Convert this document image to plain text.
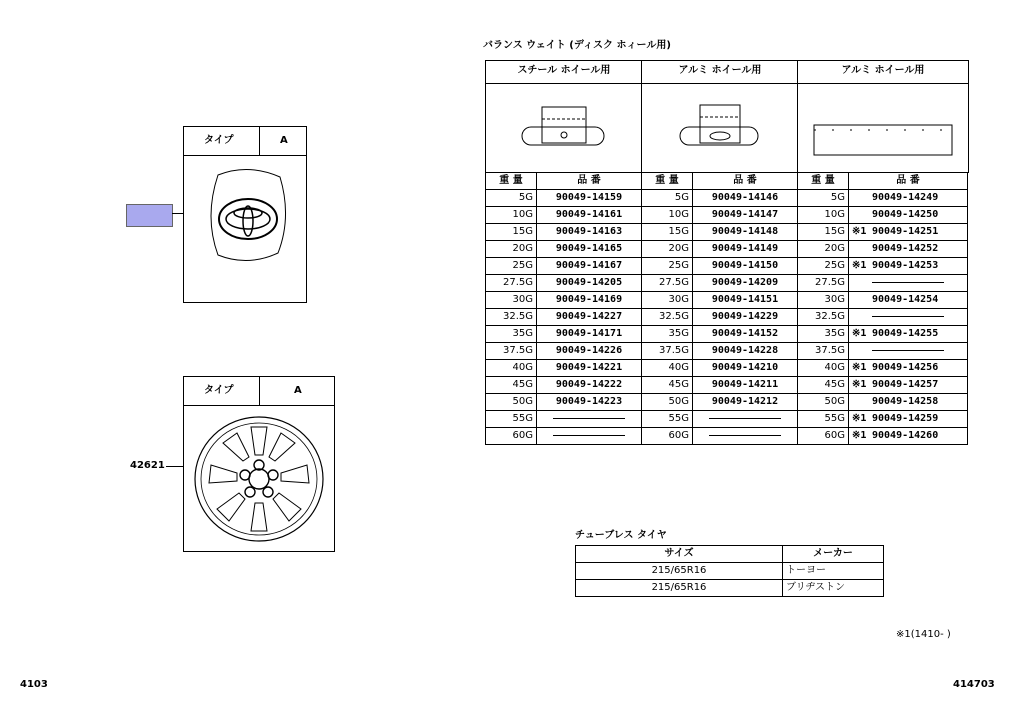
タイプ	A
タイプ	A
42621
バランス ウェイト (ディスク ホィール用)
スチール ホイール用	アルミ ホイール用	アルミ ホイール用
重 量	品 番	重 量	品 番	重 量	品 番
5G	90049-14159	5G	90049-14146	5G	90049-14249
10G	90049-14161	10G	90049-14147	10G	90049-14250
15G	90049-14163	15G	90049-14148	15G	※1 90049-14251
20G	90049-14165	20G	90049-14149	20G	90049-14252
25G	90049-14167	25G	90049-14150	25G	※1 90049-14253
27.5G	90049-14205	27.5G	90049-14209	27.5G	
30G	90049-14169	30G	90049-14151	30G	90049-14254
32.5G	90049-14227	32.5G	90049-14229	32.5G	
35G	90049-14171	35G	90049-14152	35G	※1 90049-14255
37.5G	90049-14226	37.5G	90049-14228	37.5G	
40G	90049-14221	40G	90049-14210	40G	※1 90049-14256
45G	90049-14222	45G	90049-14211	45G	※1 90049-14257
50G	90049-14223	50G	90049-14212	50G	90049-14258
55G		55G		55G	※1 90049-14259
60G		60G		60G	※1 90049-14260
チューブレス タイヤ
サイズ	メーカー
215/65R16	トーヨー
215/65R16	ブリヂストン
※1(1410- )
4103	414703
